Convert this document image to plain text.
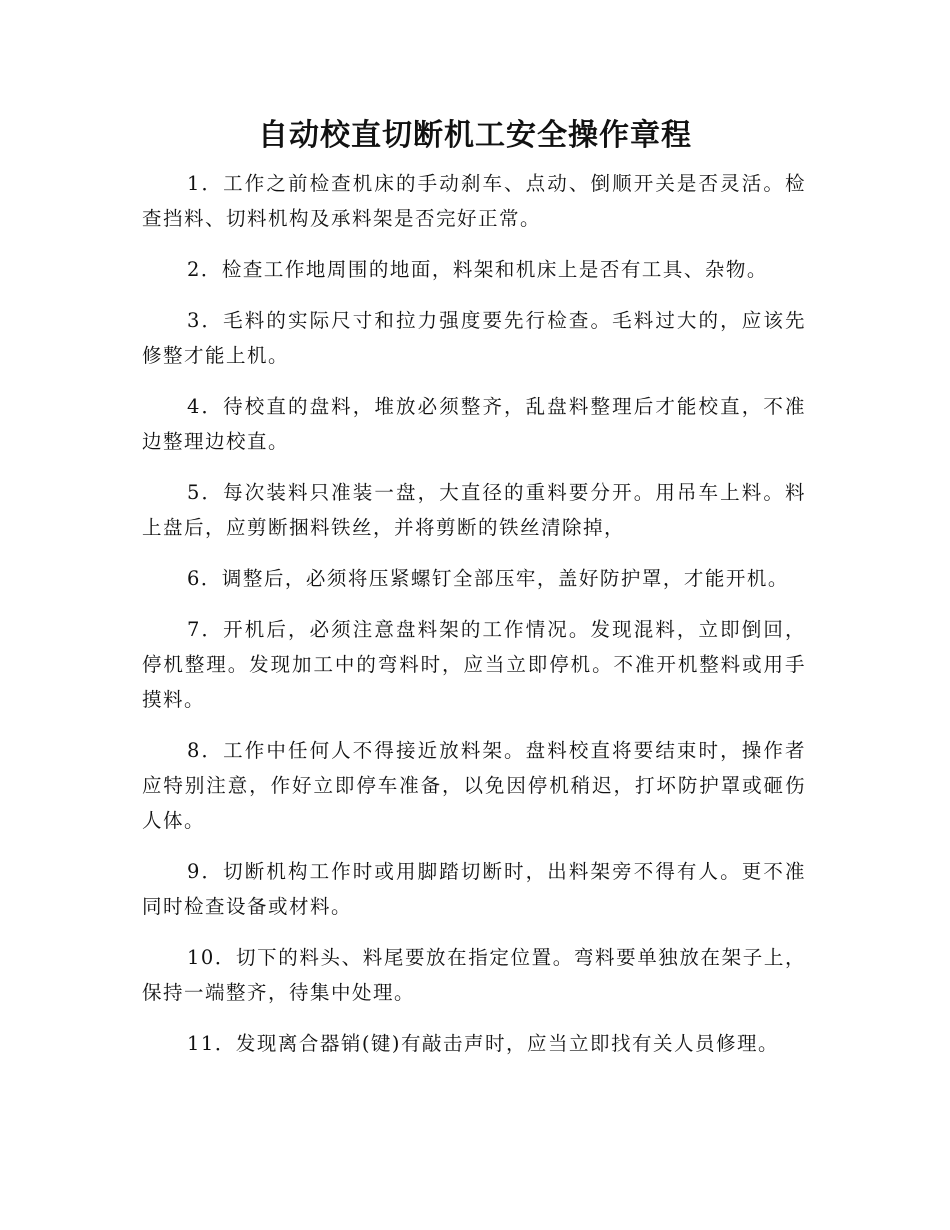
自动校直切断机工安全操作章程

1．工作之前检查机床的手动刹车、点动、倒顺开关是否灵活。检查挡料、切料机构及承料架是否完好正常。

2．检查工作地周围的地面，料架和机床上是否有工具、杂物。

3．毛料的实际尺寸和拉力强度要先行检查。毛料过大的，应该先修整才能上机。

4．待校直的盘料，堆放必须整齐，乱盘料整理后才能校直，不准边整理边校直。

5．每次装料只准装一盘，大直径的重料要分开。用吊车上料。料上盘后，应剪断捆料铁丝，并将剪断的铁丝清除掉，

6．调整后，必须将压紧螺钉全部压牢，盖好防护罩，才能开机。

7．开机后，必须注意盘料架的工作情况。发现混料，立即倒回，停机整理。发现加工中的弯料时，应当立即停机。不准开机整料或用手摸料。

8．工作中任何人不得接近放料架。盘料校直将要结束时，操作者应特别注意，作好立即停车准备，以免因停机稍迟，打坏防护罩或砸伤人体。

9．切断机构工作时或用脚踏切断时，出料架旁不得有人。更不准同时检查设备或材料。

10．切下的料头、料尾要放在指定位置。弯料要单独放在架子上，保持一端整齐，待集中处理。

11．发现离合器销(键)有敲击声时，应当立即找有关人员修理。
